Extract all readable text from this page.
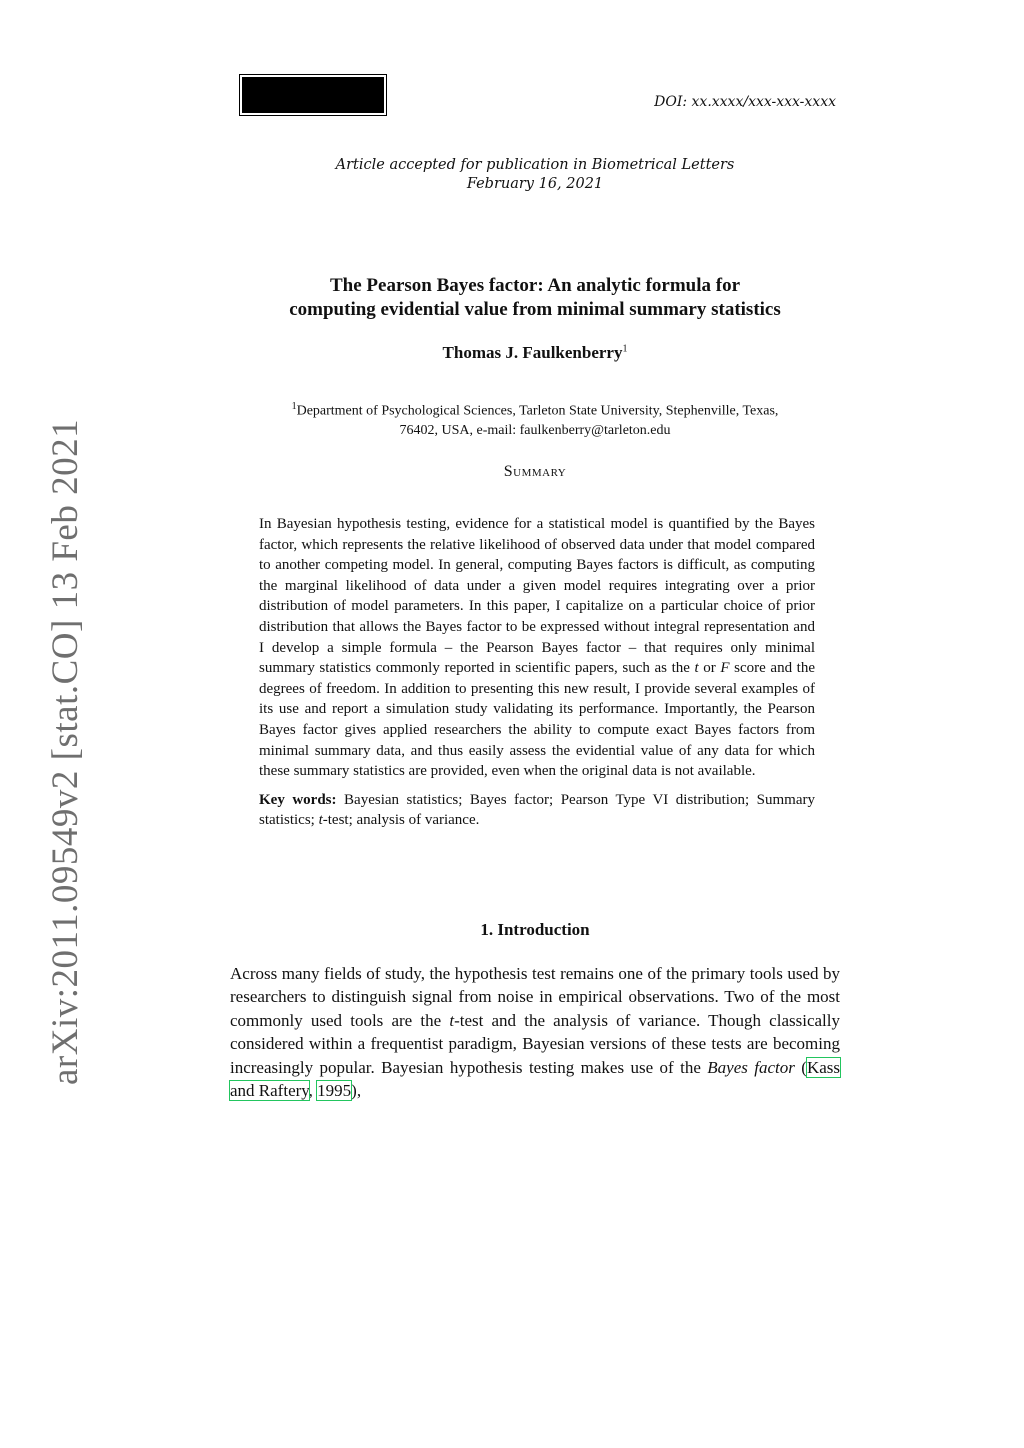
DOI: xx.xxxx/xxx-xxx-xxxx
Article accepted for publication in Biometrical Letters
February 16, 2021
The Pearson Bayes factor: An analytic formula for
computing evidential value from minimal summary statistics
Thomas J. Faulkenberry$^1$
$^1$Department of Psychological Sciences, Tarleton State University, Stephenville, Texas,
76402, USA, e-mail: faulkenberry@tarleton.edu
Summary

In Bayesian hypothesis testing, evidence for a statistical model is quantified by the Bayes factor, which represents the relative likelihood of observed data under that model compared to another competing model. In general, computing Bayes factors is difficult, as computing the marginal likelihood of data under a given model requires integrating over a prior distribution of model parameters. In this paper, I capitalize on a particular choice of prior distribution that allows the Bayes factor to be expressed without integral representation and I develop a simple formula – the Pearson Bayes factor – that requires only minimal summary statistics commonly reported in scientific papers, such as the t or F score and the degrees of freedom. In addition to presenting this new result, I provide several examples of its use and report a simulation study validating its performance. Importantly, the Pearson Bayes factor gives applied researchers the ability to compute exact Bayes factors from minimal summary data, and thus easily assess the evidential value of any data for which these summary statistics are provided, even when the original data is not available.

Key words: Bayesian statistics; Bayes factor; Pearson Type VI distribution; Summary statistics; t-test; analysis of variance.

1. Introduction

Across many fields of study, the hypothesis test remains one of the primary tools used by researchers to distinguish signal from noise in empirical observations. Two of the most commonly used tools are the t-test and the analysis of variance. Though classically considered within a frequentist paradigm, Bayesian versions of these tests are becoming increasingly popular. Bayesian hypothesis testing makes use of the Bayes factor (Kass and Raftery, 1995),

arXiv:2011.09549v2 [stat.CO] 13 Feb 2021
